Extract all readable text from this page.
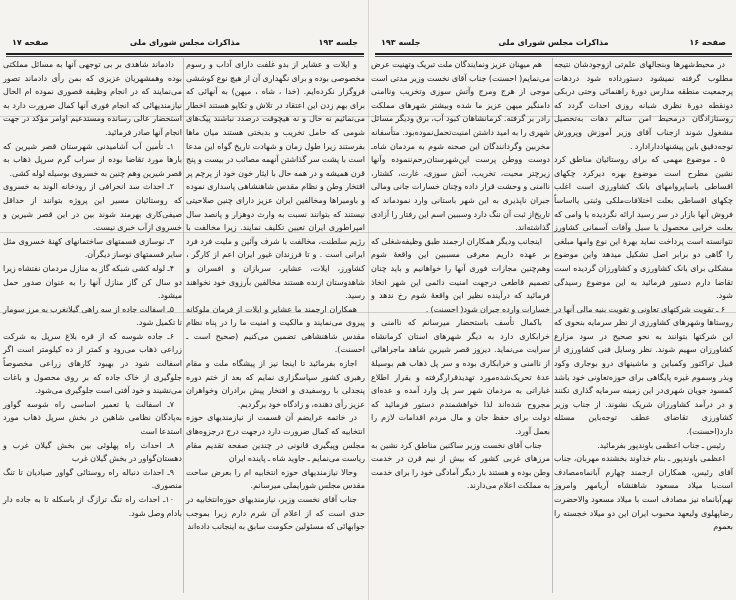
جلسه ۱۹۳
مذاکرات مجلس شورای ملی
صفحه ۱۷

و ایلات و عشایر از بدو غلفت دارای آداب و رسوم مخصوصی بوده و برای نگهداری آن از هیچ نوع کوششی فروگزار نکرده‌ایم. (خدا ، شاه ، میهن) به آنهائی که برای بهم زدن این اعتقاد در تلاش و تکاپو هستند اخطار می‌نمائیم نه حال و نه هیچوقت درصدد نباشند پیک‌های شومی که حامل تخریب و بدبختی هستند میان ما‌ها بفرستند زیرا طول زمان و شهادت تاریخ گواه این مدعا است با پشت سر گذاشتن آنهمه مصائب در بیست و پنج قرن همیشه و در همه حال با ایثار خون خود از پرچم پر افتخار وطن و نظام مقدس شاهنشاهی پاسداری نموده و باومیراها ومخالفین ایران عزیز دارای چنین صلاحیتی نیستند که بتوانند نسبت به وارث دوهزار و پانصد سال امپراطوری ایران تعیین تکلیف نمایند. زیرا مخالفت با رژیم سلطنت، مخالفت با شرف وآئین و ملیت فرد فرد ایرانی است . و تا فرزندان غیور ایران اعم از کارگر ، کشاورز، ایلات، عشایر، سربازان و افسران و شاهدوستان ازنده هستند مخالفین بآرزوی خود نخواهند رسید.

همکاران ارجمند ما عشایر و ایلات از فرمان ملوکانه پیروی می‌نمایند و مالکیت و امنیت ما را در پناه نظام مقدس شاهنشاهی تضمین می‌کنیم (صحیح است ـ احسنت).

اجازه بفرمائید تا اینجا نیز از پیشگاه ملت و مقام رهبری کشور سپاسگزاری نمایم که بعد از ختم دوره پنجدلی با روسفیدی و افتخار پیش برادران وخواهران عزیز رأی دهنده، و زادگاه خود برگردیم.

در خاتمه عرایضم آن قسمت از نیازمندیهای حوزه انتخابیه که کمال ضرورت دارد درجهت درج درجزوه‌های مجلس وپیگیری قانونی در چندین صفحه تقدیم مقام ریاست می‌نمایم ـ جاوید شاه ـ پاینده ایران

وحالا نیازمندیهای حوزه انتخابیه ام را بعرض ساحت مقدس مجلس شورایملی میرسانم.

جناب آقای نخست وزیر، نیازمندیهای حوزه‌انتخابیه در حدی است که از اعلام آن شرم دارم زیرا بموجب جوابهائی که مسئولین حکومت سابق به اینجانب داده‌اند

دادماند شاهدی بر بی توجهی آنها به مسائل مملکتی بوده وهمشهریان عزیزی که بمن رأی دادماند تصور می‌نمایند که در انجام وظیفه قصوری نموده ام الحال نیازمندیهائی که انجام فوری آنها کمال ضرورت دارد به استحضار عالی رسانده ومستدعیم اوامر مؤکد در جهت انجام آنها صادر فرمائید.

۱ـ تأمین آب آشامیدنی شهرستان قصر شیرین که بارها مورد تقاضا بوده از سراب گرم سرپل ذهاب به قصر شیرین وهم چنین به خسروی بوسیله لوله کشی.

۲ـ احداث سد انحرافی از رودخانه الوند به خسروی که روستائیان مسیر این پروژه بتوانند از حداقل صیفی‌کاری بهرمند شوند بین در این قصر شیرین و خسروی ازآب خبری نیست.

۳ـ نوسازی قسمتهای ساختمانهای کهنهٔ خسروی مثل سایر قسمتهای نوساز دیگرآن.

۴ـ لوله کشی شبکه گاز به منازل مردمان نفتشاه زیرا دو سال کن گاز منازل آنها را به عنوان صدور حمل میشود.

۵ـ اسفالت جاده از سه راهی گیلانغرب به مرز سومار تا تکمیل شود.

۶ـ جاده شوسه که از قره بلاغ سرپل به شرکت زراعی ذهاب می‌رود و کمتر از ده کیلومتر است اگر اسفالت شود در بهبود کارهای زراعی مخصوصاً جلوگیری از خاک جاده که بر روی محصول و باغات می‌نشیند و خود آفتی است جلوگیری می‌شود.

۷ـ اسفالت یا تعمیر اساسی راه شوسه گواور به‌پادگان نظامی شاهین در بخش سرپل ذهاب مورد استدعا است

۸ـ احداث راه پهلوئی بین بخش گیلان غرب و دهستان‌گواور در بخش گیلان غرب

۹ـ احداث دنباله راه روستائی گواور صیادیان تا تنگ منصوری.

۱۰ـ احداث راه تنگ ترازگ از باسکله تا به جاده دار بادام وصل شود.

صفحه ۱۶
مذاکرات مجلس شورای ملی
جلسه ۱۹۳

در محیط‌شهرها وبنجالهای علم‌تی ازوجودشان نتیجه مطلوب گرفته نمیشود دستورداده شود دردهات پرجمعیت منطقه مدارس دورهٔ راهنمائی وحتی دربکی دونقطه دورهٔ نظری شبانه روزی احداث گردد که روستازادگان درمحیط امن سالم دهات به‌تحصیل مشغول شوند ازجناب آقای وزیر آموزش وپرورش توجه‌دقیق باین پیشنهاددارادارد .

۵ ـ موضوع مهمی که برای روستائیان مناطق کرد نشین مطرح است موضوع بهره دیرکرد چکهای اقساطی باساپروامهای بانک کشاورزی است اغلب چکهای اقساطی بعلت اختلافات‌ملکی وثبتی یااساساً فروش آنها بازار در سر رسید ارائه نگردیده یا وامی که بعلت خرابی محصول یا سیل وآفات آسمانی کشاورز نتوانسته است پرداخت نماید بهرهٔ این نوع وامها مبلغی را گاهی دو برابر اصل تشکیل میدهد واین موضوع مشکلی برای بانک کشاورزی و کشاورزان گردیده است تقاضا دارم دستور فرمائید به این موضوع رسیدگی شود.

۶ ـ تقویت شرکتهای تعاونی و تقویت بنیه مالی آنها در روستاها وشهرهای کشاورزی از نظر سرمایه بنحوی که این شرکتها بتوانند به نحو صحیح در سود مزارع کشاورزان سهیم شوند. نظر وسایل فنی کشاورزی از قبیل تراکتور وکمباین و ماشینهای درو بوجاری وکود وبذر وسموم غیره پایگاهی برای حوزه‌تعاونی خود باشد کمسود جویان شهری‌در این زمینه سرمایه گذاری نکنند و در درآمد کشاورزان شریک نشوند. از جناب وزیر کشاورزی تقاضای عطف توجه‌باین مسئله دارد(احسنت).

رئیس ـ جناب اعظمی باوندپور بفرمائید.

اعظمی باوندپور ـ بنام خداوند بخشنده مهربان، جناب آقای رئیس، همکاران ارجمند چهارم آبانماه‌مصادف است‌با میلاد مسعود شاهنشاه آریامهر وامروز نهم‌آبانماه نیز مصادف است با میلاد مسعود والاحضرت رضاپهلوی ولیعهد محبوب ایران این دو میلاد خجسته را بعموم

هم میهنان عزیز ونمایندگان ملت تبریک وتهنیت عرض می‌نمایم( احسنت) جناب آقای نخست وزیر مدتی است موجی از هرج ومرج وآتش سوزی وتخریب وناامنی دامنگیر میهن عزیز ما شده وبیشتر شهرهای مملکت رادر بر گرفته. کرمانشاهان کبود آب، برق ودیگر مسائل شهری را به امید داشتن امنیت‌تحمل‌نموده‌بود. متأسفانه مخربین وگردانندگان این صحنه شوم به مردمان شاه‌ـ دوست ووطن پرست این‌شهرستان‌رحم‌ننموده وآنها زیرچتر محبت، تخریب، آتش سوزی، غارت، کشتار، ناامنی و وحشت قرار داده وچنان خسارات جانی ومالی جبران ناپذیری به این شهر باستانی وارد نمودماند که تاریخ‌از ثبت آن ننگ دارد وسببین اسم این رفتار را آزادی گذاشته‌اند.

اینجانب ودیگر همکاران ارجمند طبق وظیفه‌شغلی که بر عهده داریم معرفی مسببین این واقعهٔ شوم وهم‌چنین مجازات فوری آنها را خواهانیم و باید چنان تصمیم قاطعی درجهت امنیت دائمی این شهر اتخاذ فرمائید که درآینده نظیر این واقعهٔ شوم رخ ندهد و خسارات وارده جبران شود( احسنت) .

باکمال تأسف باستحضار میرسانم که ناامنی و خرابکاری دارد به دیگر شهرهای استان کرمانشاه سرایت می‌نماید. دیروز قصر شیرین شاهد ماجراهائی از ناامنی و خرابکاری بوده و سر پل ذهاب هم بوسیلهٔ عدهٔ تحریک‌شده‌مورد تهدیدقرارگرفته و بقرار اطلاع غباراتی به مردمان شهر سر پل وارد آمده و عده‌ای مجروح شده‌اند لذا خواهشمندم دستور فرمائید که دولت برای حفظ جان و مال مردم اقدامات لازم را بعمل آورد.

جناب آقای نخست وزیر ساکنین مناطق کرد نشین به مرزهای غربی کشور که بیش از نیم قرن در خدمت وطن بوده و هستند بار دیگر آمادگی خود را برای خدمت به مملکت اعلام می‌دارند.
